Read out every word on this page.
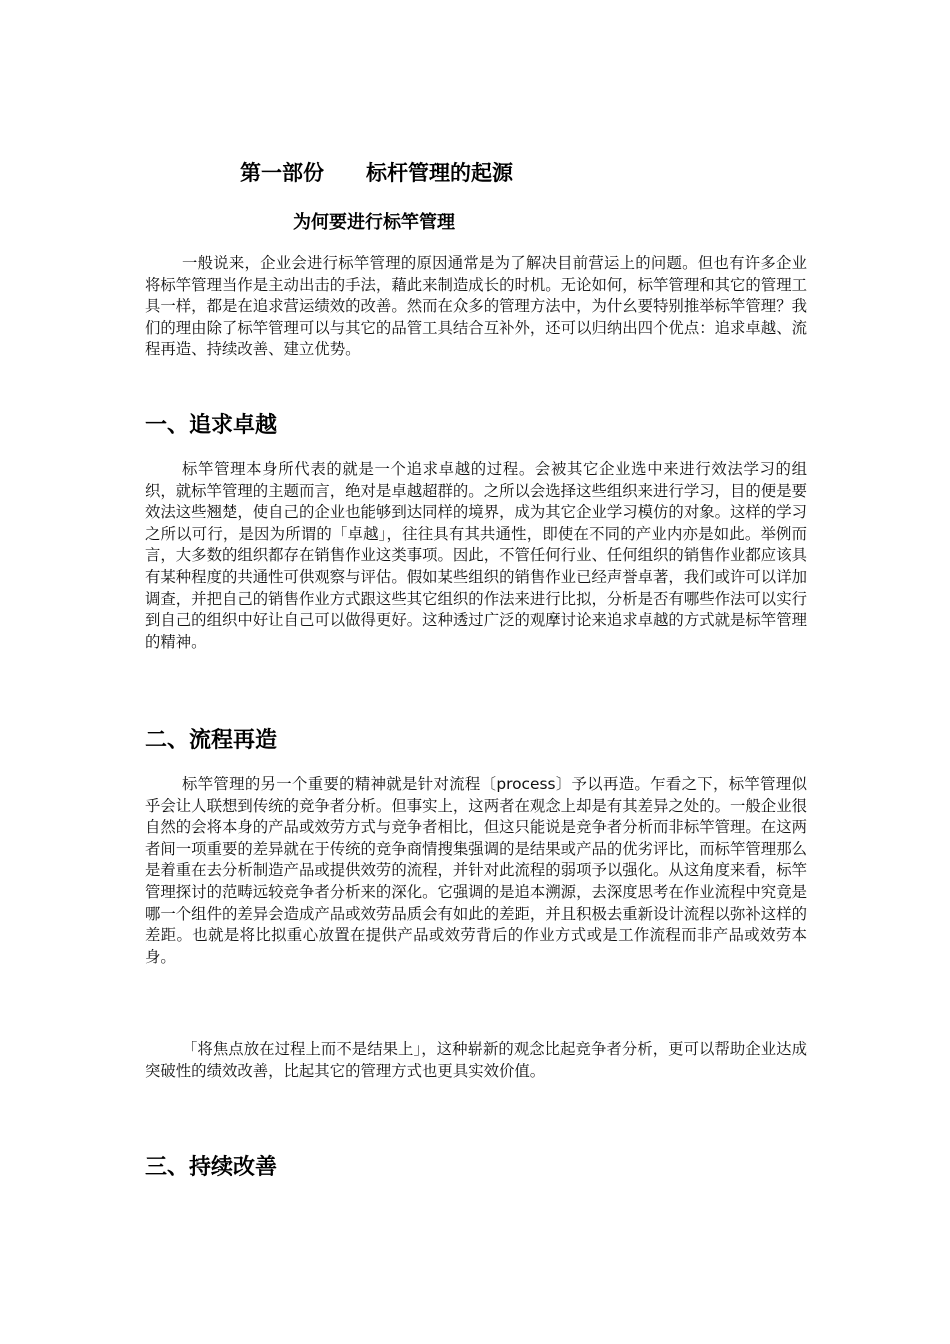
第一部份　　标杆管理的起源
为何要进行标竿管理

一般说来，企业会进行标竿管理的原因通常是为了解决目前营运上的问题。但也有许多企业将标竿管理当作是主动出击的手法，藉此来制造成长的时机。无论如何，标竿管理和其它的管理工具一样，都是在追求营运绩效的改善。然而在众多的管理方法中，为什幺要特别推举标竿管理？我们的理由除了标竿管理可以与其它的品管工具结合互补外，还可以归纳出四个优点：追求卓越、流程再造、持续改善、建立优势。

一、追求卓越

标竿管理本身所代表的就是一个追求卓越的过程。会被其它企业选中来进行效法学习的组织，就标竿管理的主题而言，绝对是卓越超群的。之所以会选择这些组织来进行学习，目的便是要效法这些翘楚，使自己的企业也能够到达同样的境界，成为其它企业学习模仿的对象。这样的学习之所以可行，是因为所谓的「卓越」，往往具有其共通性，即使在不同的产业内亦是如此。举例而言，大多数的组织都存在销售作业这类事项。因此，不管任何行业、任何组织的销售作业都应该具有某种程度的共通性可供观察与评估。假如某些组织的销售作业已经声誉卓著，我们或许可以详加调查，并把自己的销售作业方式跟这些其它组织的作法来进行比拟，分析是否有哪些作法可以实行到自己的组织中好让自己可以做得更好。这种透过广泛的观摩讨论来追求卓越的方式就是标竿管理的精神。

二、流程再造

标竿管理的另一个重要的精神就是针对流程〔process〕予以再造。乍看之下，标竿管理似乎会让人联想到传统的竞争者分析。但事实上，这两者在观念上却是有其差异之处的。一般企业很自然的会将本身的产品或效劳方式与竞争者相比，但这只能说是竞争者分析而非标竿管理。在这两者间一项重要的差异就在于传统的竞争商情搜集强调的是结果或产品的优劣评比，而标竿管理那么是着重在去分析制造产品或提供效劳的流程，并针对此流程的弱项予以强化。从这角度来看，标竿管理探讨的范畴远较竞争者分析来的深化。它强调的是追本溯源，去深度思考在作业流程中究竟是哪一个组件的差异会造成产品或效劳品质会有如此的差距，并且积极去重新设计流程以弥补这样的差距。也就是将比拟重心放置在提供产品或效劳背后的作业方式或是工作流程而非产品或效劳本身。

「将焦点放在过程上而不是结果上」，这种崭新的观念比起竞争者分析，更可以帮助企业达成突破性的绩效改善，比起其它的管理方式也更具实效价值。

三、持续改善
